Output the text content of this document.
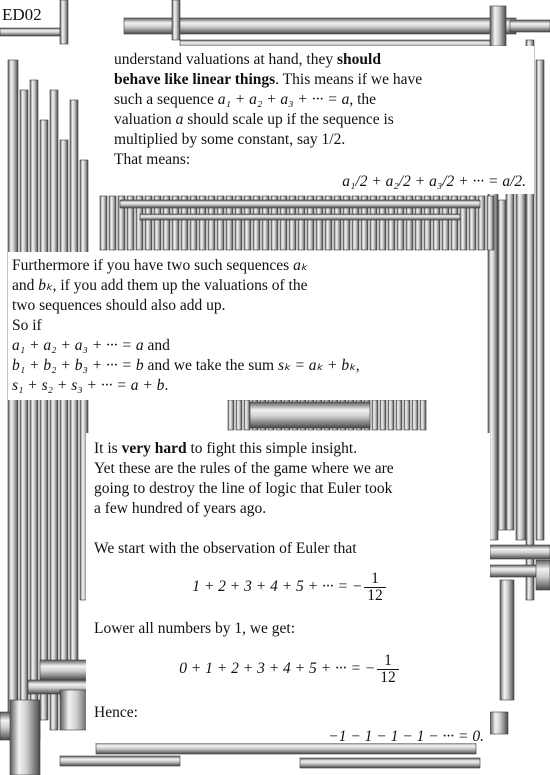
ED02

understand valuations at hand, they should

behave like linear things. This means if we have

such a sequence a₁ + a₂ + a₃ + ··· = a, the

valuation a should scale up if the sequence is

multiplied by some constant, say 1/2.

That means:

a₁/2 + a₂/2 + a₃/2 + ··· = a/2.

Furthermore if you have two such sequences aₖ

and bₖ, if you add them up the valuations of the

two sequences should also add up.

So if

a₁ + a₂ + a₃ + ··· = a and

b₁ + b₂ + b₃ + ··· = b and we take the sum sₖ = aₖ + bₖ,

s₁ + s₂ + s₃ + ··· = a + b.

It is very hard to fight this simple insight.

Yet these are the rules of the game where we are

going to destroy the line of logic that Euler took

a few hundred of years ago.

We start with the observation of Euler that

1 + 2 + 3 + 4 + 5 + ··· = − $\frac{1}{12}$

Lower all numbers by 1, we get:

0 + 1 + 2 + 3 + 4 + 5 + ··· = − $\frac{1}{12}$

Hence:

−1 − 1 − 1 − 1 − ··· = 0.
